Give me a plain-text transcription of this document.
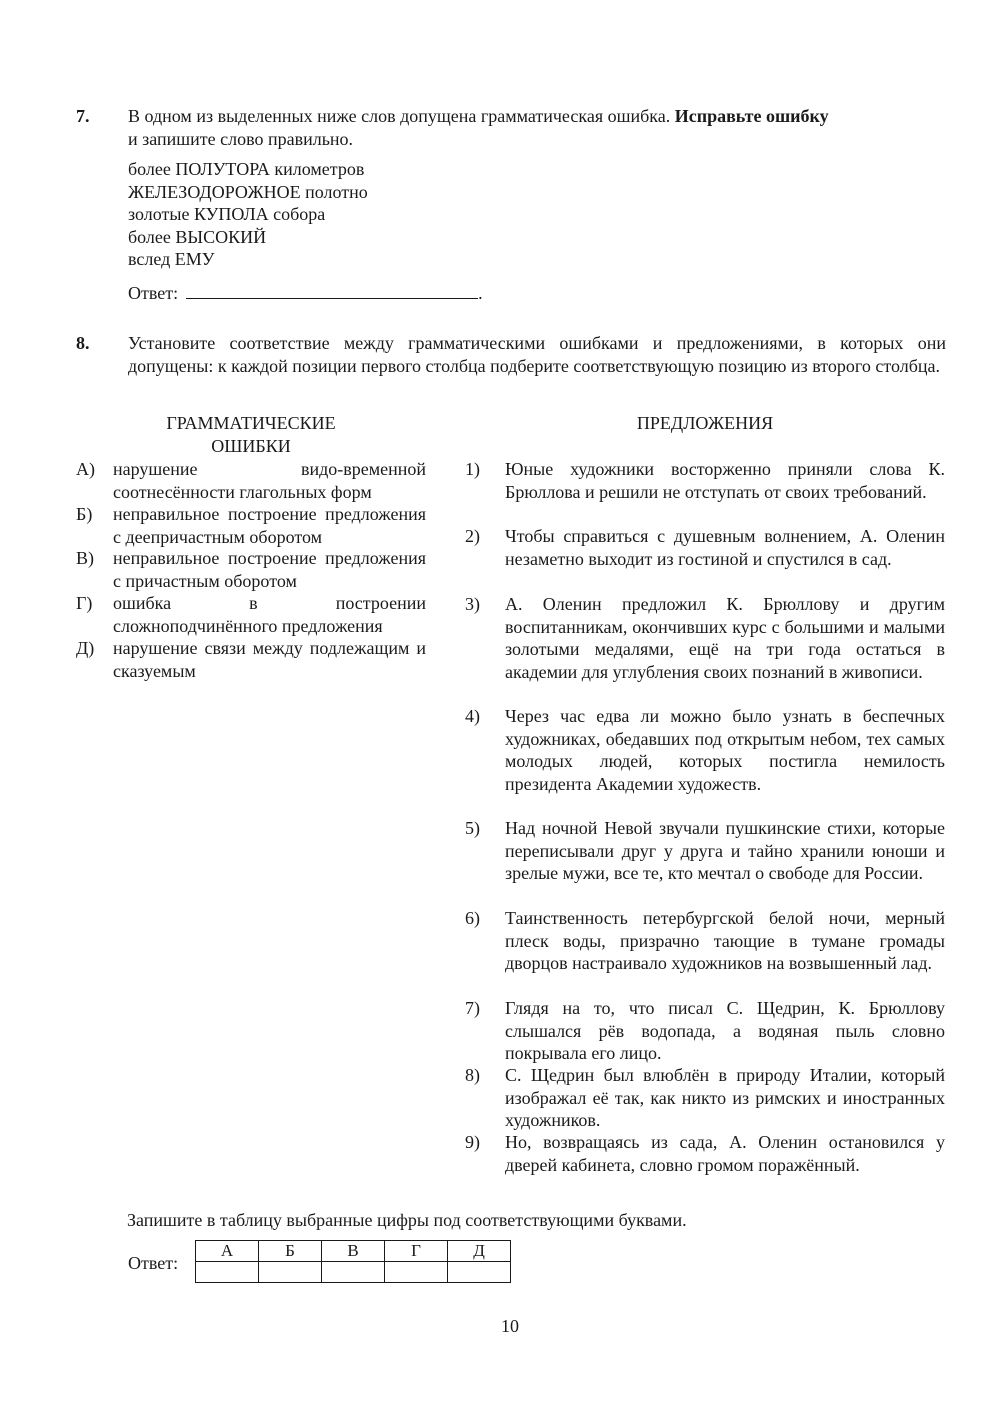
7. В одном из выделенных ниже слов допущена грамматическая ошибка. Исправьте ошибку
и запишите слово правильно.
более ПОЛУТОРА километров
ЖЕЛЕЗОДОРОЖНОЕ полотно
золотые КУПОЛА собора
более ВЫСОКИЙ
вслед ЕМУ
Ответ:	.
8. Установите соответствие между грамматическими ошибками и предложениями, в которых они допущены: к каждой позиции первого столбца подберите соответствующую позицию из второго столбца.
ГРАММАТИЧЕСКИЕ
ОШИБКИ
ПРЕДЛОЖЕНИЯ
А)	нарушение видо-временной соотнесённости глагольных форм
Б)	неправильное построение предложения с деепричастным оборотом
В)	неправильное построение предложения с причастным оборотом
Г)	ошибка в построении сложноподчинённого предложения
Д)	нарушение связи между подлежащим и сказуемым
1)	Юные художники восторженно приняли слова К. Брюллова и решили не отступать от своих требований.
2)	Чтобы справиться с душевным волнением, А. Оленин незаметно выходит из гостиной и спустился в сад.
3)	А. Оленин предложил К. Брюллову и другим воспитанникам, окончивших курс с большими и малыми золотыми медалями, ещё на три года остаться в академии для углубления своих познаний в живописи.
4)	Через час едва ли можно было узнать в беспечных художниках, обедавших под открытым небом, тех самых молодых людей, которых постигла немилость президента Академии художеств.
5)	Над ночной Невой звучали пушкинские стихи, которые переписывали друг у друга и тайно хранили юноши и зрелые мужи, все те, кто мечтал о свободе для России.
6)	Таинственность петербургской белой ночи, мерный плеск воды, призрачно тающие в тумане громады дворцов настраивало художников на возвышенный лад.
7)	Глядя на то, что писал С. Щедрин, К. Брюллову слышался рёв водопада, а водяная пыль словно покрывала его лицо.
8)	С. Щедрин был влюблён в природу Италии, который изображал её так, как никто из римских и иностранных художников.
9)	Но, возвращаясь из сада, А. Оленин остановился у дверей кабинета, словно громом поражённый.
Запишите в таблицу выбранные цифры под соответствующими буквами.
Ответ:
А	Б	В	Г	Д

10
